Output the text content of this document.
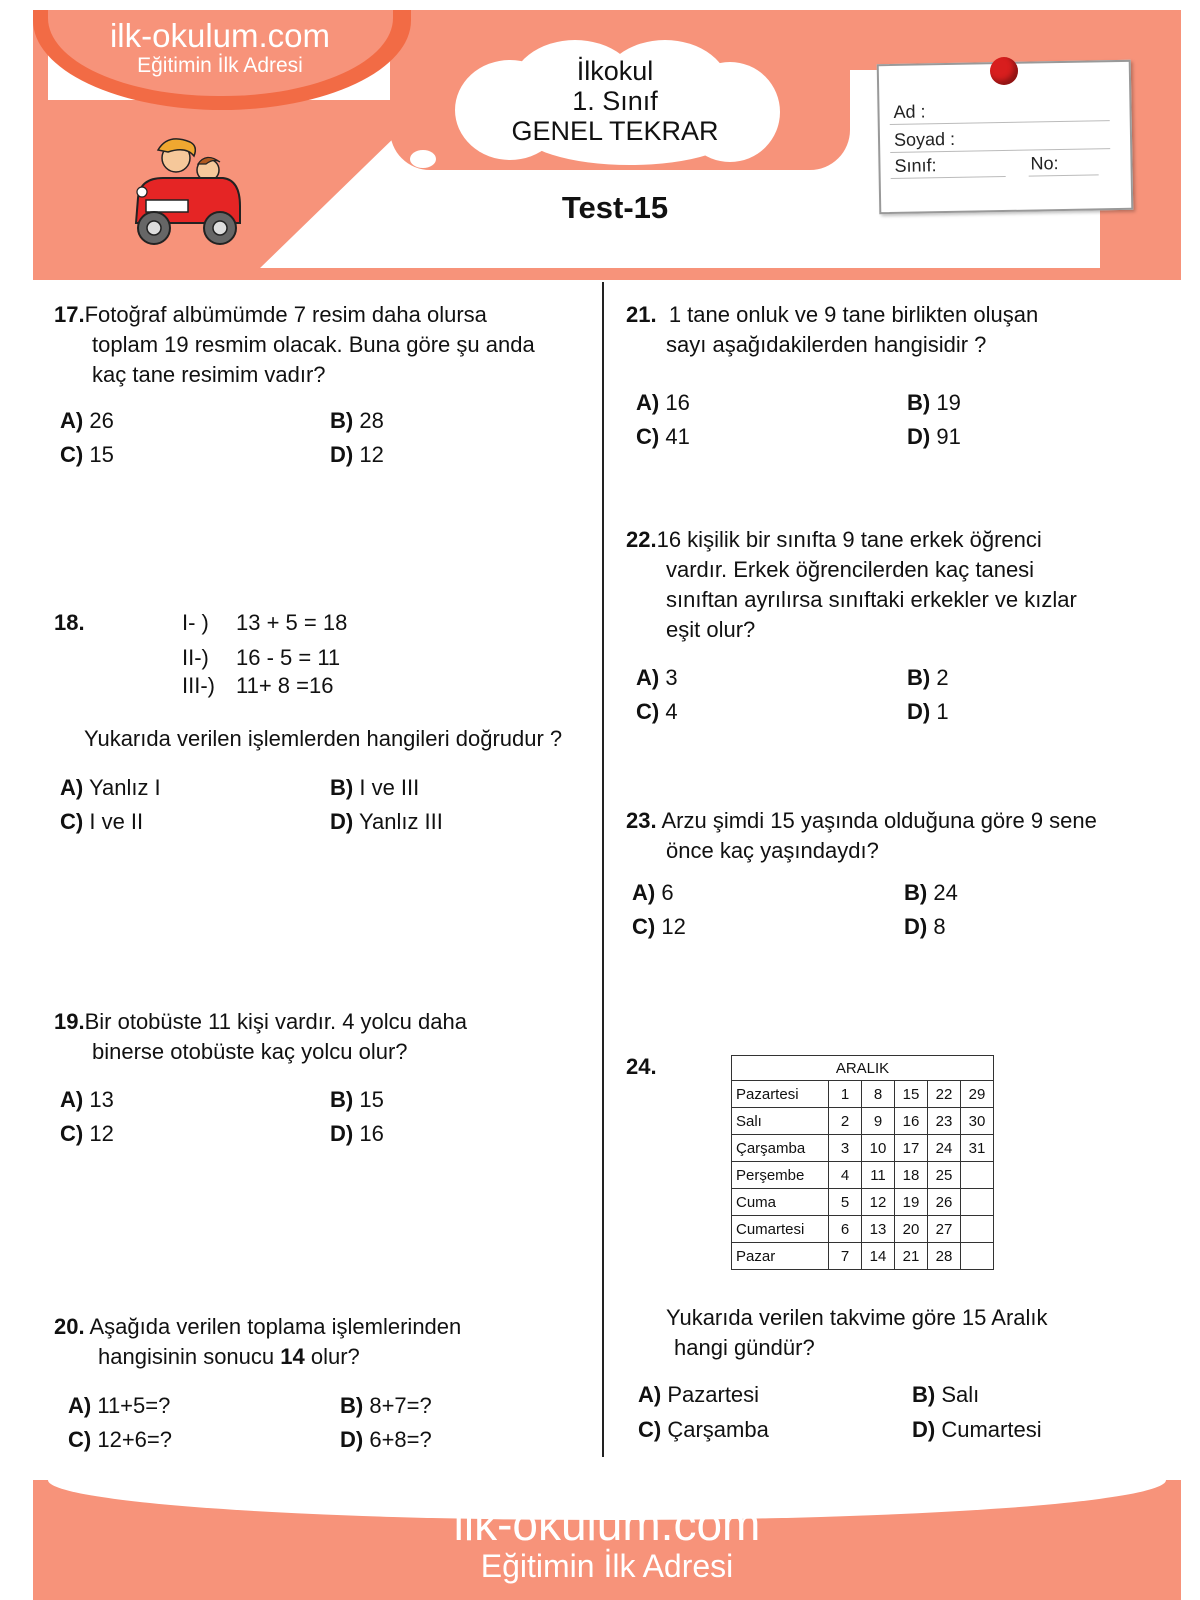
ilk-okulum.com
Eğitimin İlk Adresi	İlkokul
1. Sınıf
GENEL TEKRAR
Test-15
Ad :
Soyad :
Sınıf:	No:
17.Fotoğraf albümümde 7 resim daha olursa
toplam 19 resmim olacak. Buna göre şu anda
kaç tane resimim vadır?
A) 26	B) 28
C) 15	D) 12
18.	I- ) 13 + 5 = 18
II-) 16 - 5 = 11
III-) 11+ 8 =16
Yukarıda verilen işlemlerden hangileri doğrudur ?
A) Yanlız I	B) I ve III
C) I ve II	D) Yanlız III
19.Bir otobüste 11 kişi vardır. 4 yolcu daha
binerse otobüste kaç yolcu olur?
A) 13	B) 15
C) 12	D) 16
20. Aşağıda verilen toplama işlemlerinden
hangisinin sonucu 14 olur?
A) 11+5=?	B) 8+7=?
C) 12+6=?	D) 6+8=?
21. 1 tane onluk ve 9 tane birlikten oluşan
sayı aşağıdakilerden hangisidir ?
A) 16	B) 19
C) 41	D) 91
22.16 kişilik bir sınıfta 9 tane erkek öğrenci
vardır. Erkek öğrencilerden kaç tanesi
sınıftan ayrılırsa sınıftaki erkekler ve kızlar
eşit olur?
A) 3	B) 2
C) 4	D) 1
23. Arzu şimdi 15 yaşında olduğuna göre 9 sene
önce kaç yaşındaydı?
A) 6	B) 24
C) 12	D) 8
24.	ARALIK					
Pazartesi	1	8	15	22	29
Salı	2	9	16	23	30
Çarşamba	3	10	17	24	31
Perşembe	4	11	18	25	
Cuma	5	12	19	26	
Cumartesi	6	13	20	27	
Pazar	7	14	21	28	
Yukarıda verilen takvime göre 15 Aralık
hangi gündür?
A) Pazartesi	B) Salı
C) Çarşamba	D) Cumartesi
ilk-okulum.com
Eğitimin İlk Adresi
